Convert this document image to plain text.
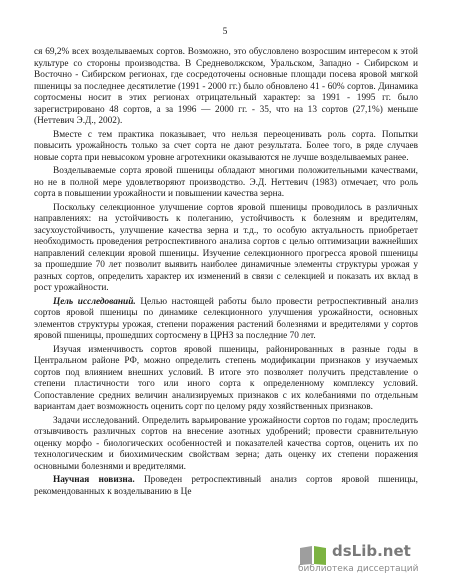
5

ся 69,2% всех возделываемых сортов. Возможно, это обусловлено возросшим интересом к этой культуре со стороны производства. В Средневолжском, Уральском, Западно - Сибирском и Восточно - Сибирском регионах, где сосредоточены основные площади посева яровой мягкой пшеницы за последнее десятилетие (1991 - 2000 гг.) было обновлено 41 - 60% сортов. Динамика сортосмены носит в этих регионах отрицательный характер: за 1991 - 1995 гг. было зарегистрировано 48 сортов, а за 1996 — 2000 гг. - 35, что на 13 сортов (27,1%) меньше (Неттевич Э.Д., 2002).

Вместе с тем практика показывает, что нельзя переоценивать роль сорта. Попытки повысить урожайность только за счет сорта не дают результата. Более того, в ряде случаев новые сорта при невысоком уровне агротехники оказываются не лучше возделываемых ранее.

Возделываемые сорта яровой пшеницы обладают многими положительными качествами, но не в полной мере удовлетворяют производство. Э.Д. Неттевич (1983) отмечает, что роль сорта в повышении урожайности и повышении качества зерна.

Поскольку селекционное улучшение сортов яровой пшеницы проводилось в различных направлениях: на устойчивость к полеганию, устойчивость к болезням и вредителям, засухоустойчивость, улучшение качества зерна и т.д., то особую актуальность приобретает необходимость проведения ретроспективного анализа сортов с целью оптимизации важнейших направлений селекции яровой пшеницы. Изучение селекционного прогресса яровой пшеницы за прошедшие 70 лет позволит выявить наиболее динамичные элементы структуры урожая у разных сортов, определить характер их изменений в связи с селекцией и показать их вклад в рост урожайности.

Цель исследований. Целью настоящей работы было провести ретроспективный анализ сортов яровой пшеницы по динамике селекционного улучшения урожайности, основных элементов структуры урожая, степени поражения растений болезнями и вредителями у сортов яровой пшеницы, прошедших сортосмену в ЦРНЗ за последние 70 лет.

Изучая изменчивость сортов яровой пшеницы, районированных в разные годы в Центральном районе РФ, можно определить степень модификации признаков у изучаемых сортов под влиянием внешних условий. В итоге это позволяет получить представление о степени пластичности того или иного сорта к определенному комплексу условий. Сопоставление средних величин анализируемых признаков с их колебаниями по отдельным вариантам дает возможность оценить сорт по целому ряду хозяйственных признаков.

Задачи исследований. Определить варьирование урожайности сортов по годам; проследить отзывчивость различных сортов на внесение азотных удобрений; провести сравнительную оценку морфо - биологических особенностей и показателей качества сортов, оценить их по технологическим и биохимическим свойствам зерна; дать оценку их степени поражения основными болезнями и вредителями.

Научная новизна. Проведен ретроспективный анализ сортов яровой пшеницы, рекомендованных к возделыванию в Це

dsLib.net
библиотека диссертаций
